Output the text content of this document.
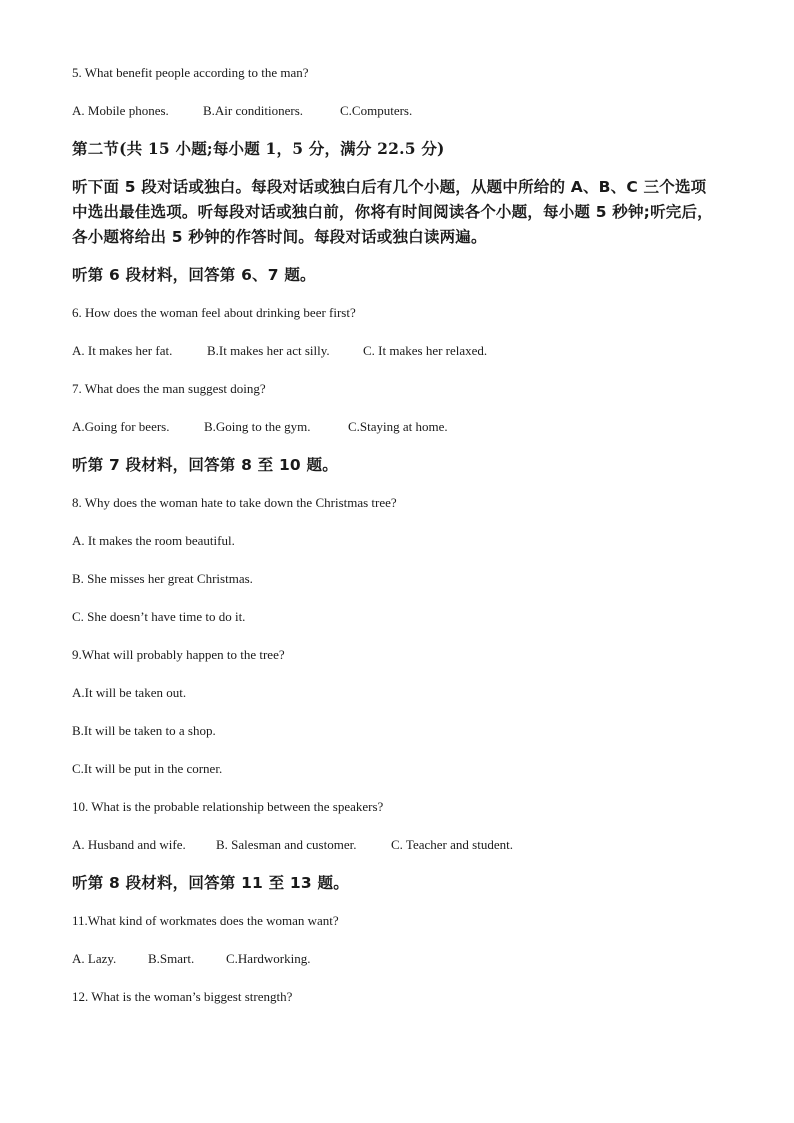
5. What benefit people according to the man?
A. Mobile phones.	B.Air conditioners.	C.Computers.
第二节(共 15 小题;每小题 1，5 分，满分 22.5 分)
听下面 5 段对话或独白。每段对话或独白后有几个小题，从题中所给的 A、B、C 三个选项
中选出最佳选项。听每段对话或独白前，你将有时间阅读各个小题，每小题 5 秒钟;听完后，
各小题将给出 5 秒钟的作答时间。每段对话或独白读两遍。
听第 6 段材料，回答第 6、7 题。
6. How does the woman feel about drinking beer first?
A. It makes her fat.	B.It makes her act silly.	C. It makes her relaxed.
7. What does the man suggest doing?
A.Going for beers.	B.Going to the gym.	C.Staying at home.
听第 7 段材料，回答第 8 至 10 题。
8. Why does the woman hate to take down the Christmas tree?
A. It makes the room beautiful.
B. She misses her great Christmas.
C. She doesn’t have time to do it.
9.What will probably happen to the tree?
A.It will be taken out.
B.It will be taken to a shop.
C.It will be put in the corner.
10. What is the probable relationship between the speakers?
A. Husband and wife. B. Salesman and customer.	C. Teacher and student.
听第 8 段材料，回答第 11 至 13 题。
11.What kind of workmates does the woman want?
A. Lazy. B.Smart. C.Hardworking.
12. What is the woman’s biggest strength?
